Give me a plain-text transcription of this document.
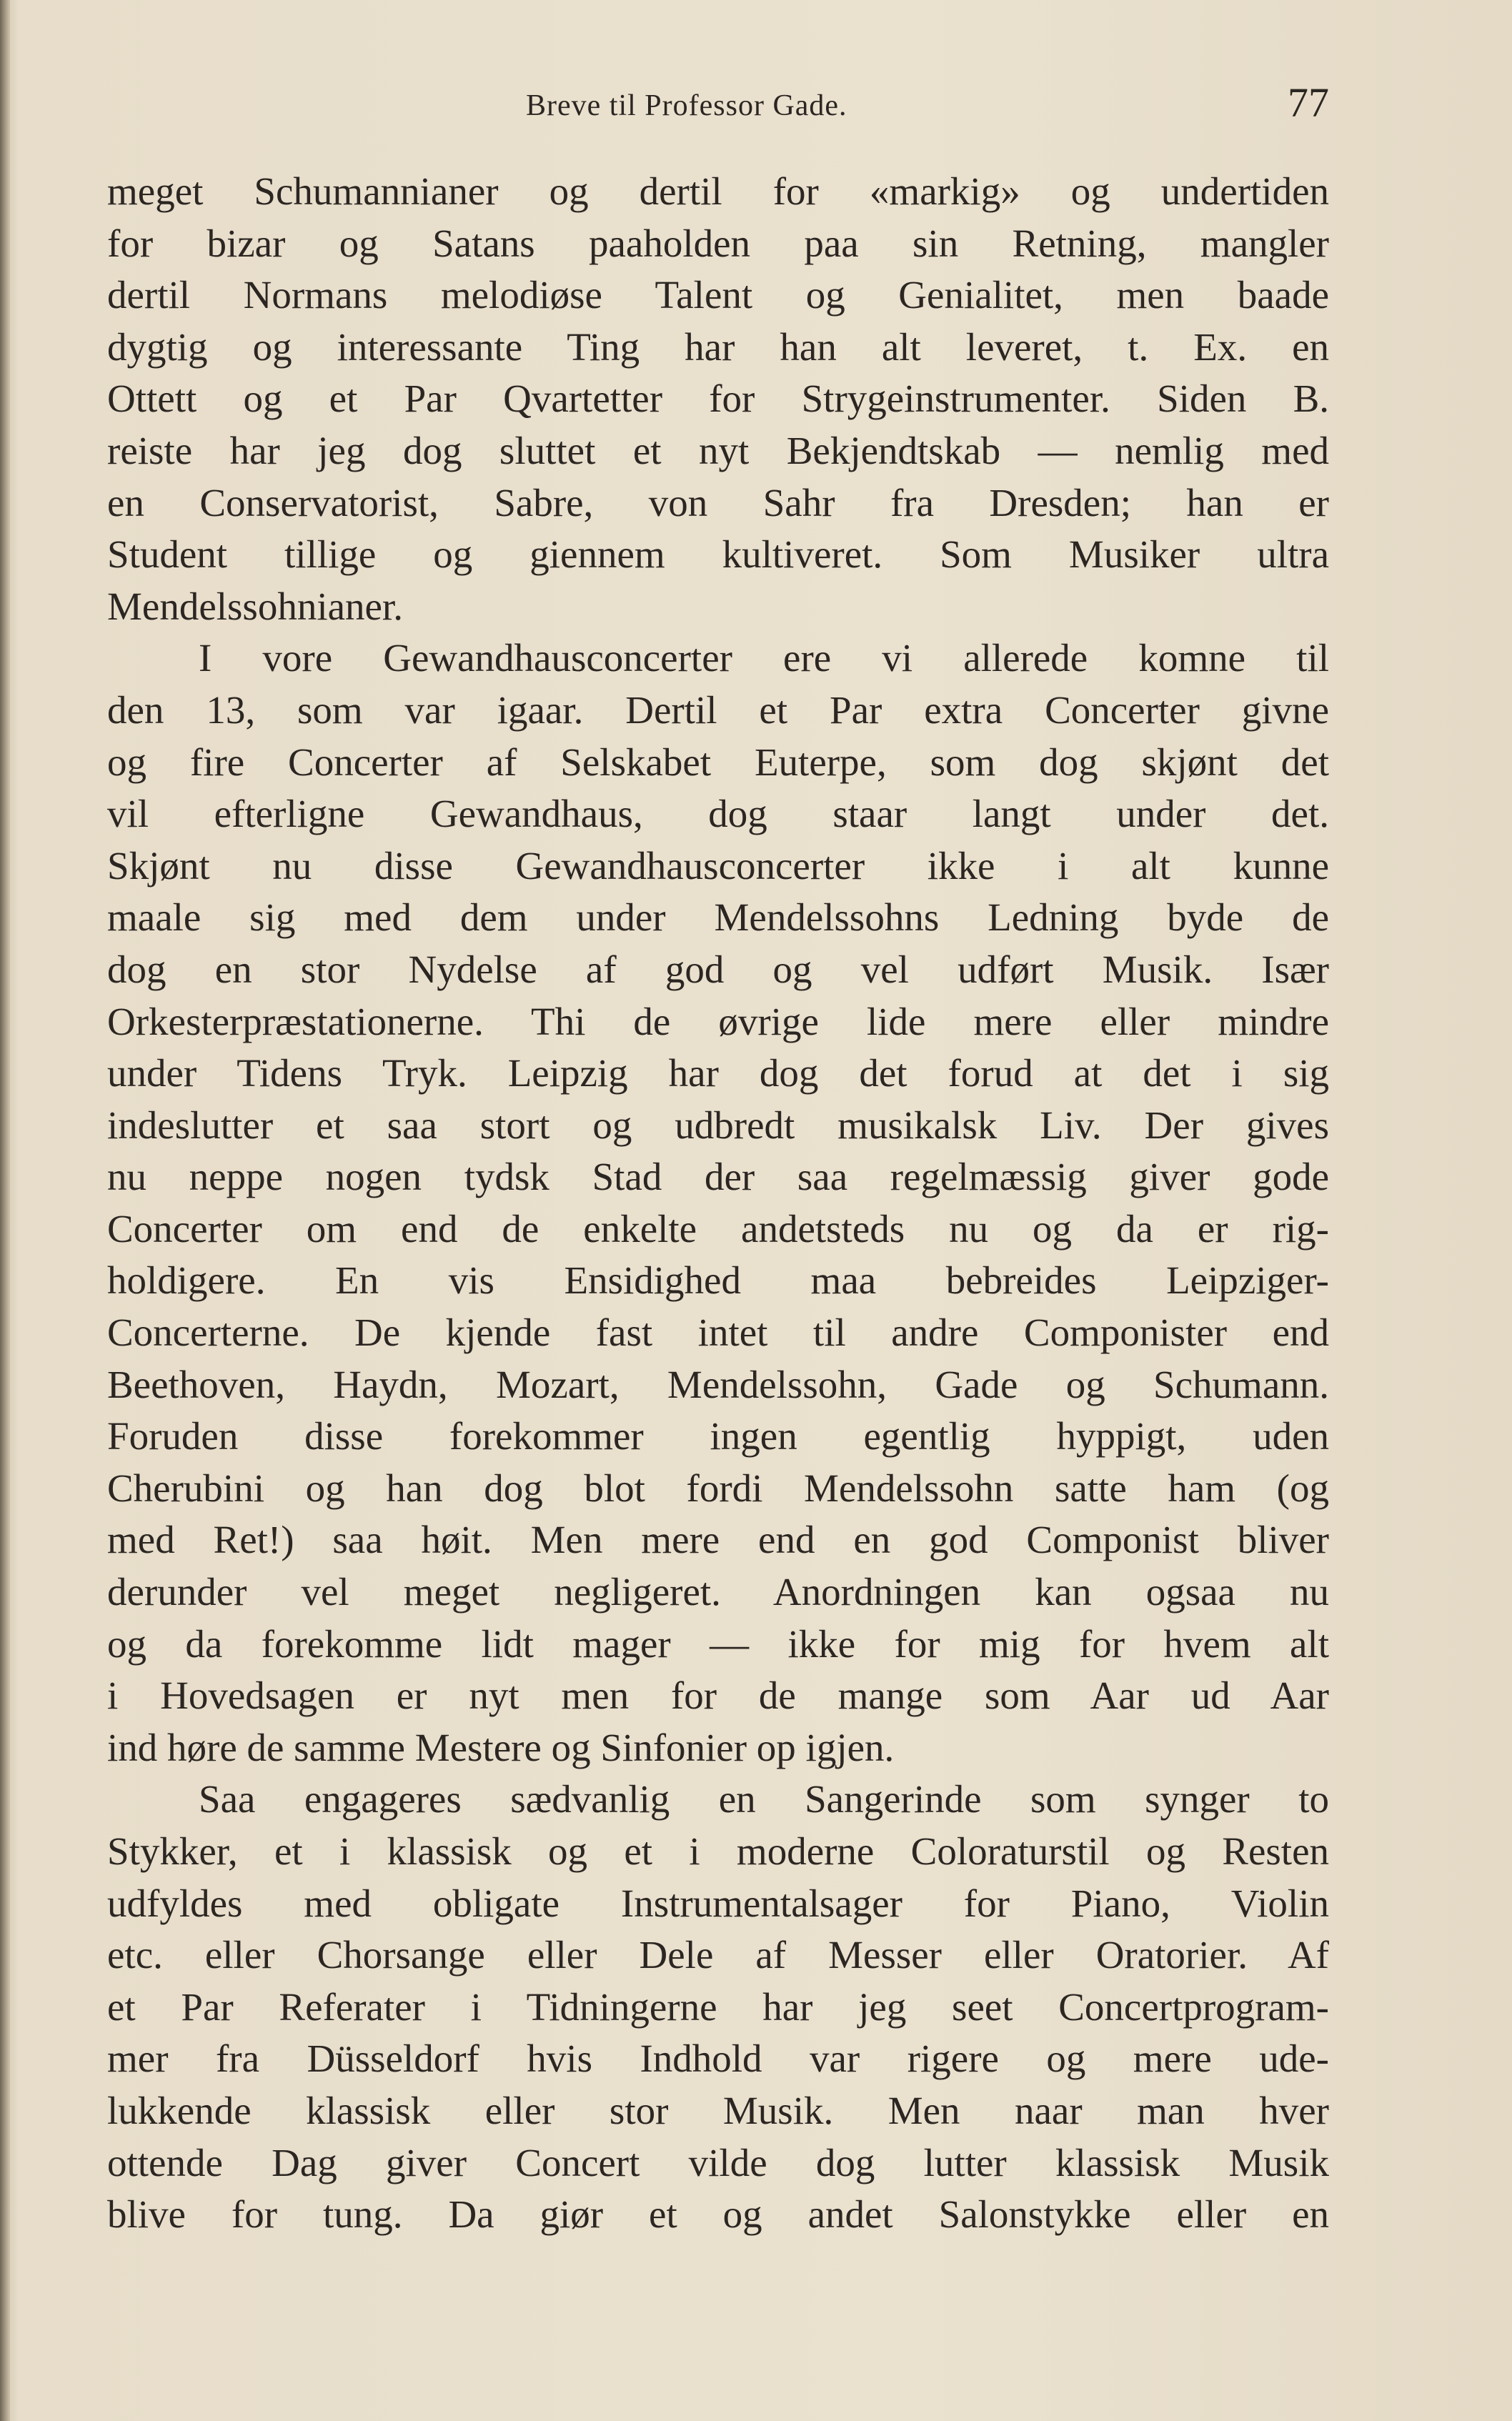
Breve til Professor Gade.	77
meget Schumannianer og dertil for «markig» og undertiden
for bizar og Satans paaholden paa sin Retning, mangler
dertil Normans melodiøse Talent og Genialitet, men baade
dygtig og interessante Ting har han alt leveret, t. Ex. en
Ottett og et Par Qvartetter for Strygeinstrumenter. Siden B.
reiste har jeg dog sluttet et nyt Bekjendtskab — nemlig med
en Conservatorist, Sabre, von Sahr fra Dresden; han er
Student tillige og giennem kultiveret. Som Musiker ultra
Mendelssohnianer.
I vore Gewandhausconcerter ere vi allerede komne til
den 13, som var igaar. Dertil et Par extra Concerter givne
og fire Concerter af Selskabet Euterpe, som dog skjønt det
vil efterligne Gewandhaus, dog staar langt under det.
Skjønt nu disse Gewandhausconcerter ikke i alt kunne
maale sig med dem under Mendelssohns Ledning byde de
dog en stor Nydelse af god og vel udført Musik. Især
Orkesterpræstationerne. Thi de øvrige lide mere eller mindre
under Tidens Tryk. Leipzig har dog det forud at det i sig
indeslutter et saa stort og udbredt musikalsk Liv. Der gives
nu neppe nogen tydsk Stad der saa regelmæssig giver gode
Concerter om end de enkelte andetsteds nu og da er rig-
holdigere. En vis Ensidighed maa bebreides Leipziger-
Concerterne. De kjende fast intet til andre Componister end
Beethoven, Haydn, Mozart, Mendelssohn, Gade og Schumann.
Foruden disse forekommer ingen egentlig hyppigt, uden
Cherubini og han dog blot fordi Mendelssohn satte ham (og
med Ret!) saa høit. Men mere end en god Componist bliver
derunder vel meget negligeret. Anordningen kan ogsaa nu
og da forekomme lidt mager — ikke for mig for hvem alt
i Hovedsagen er nyt men for de mange som Aar ud Aar
ind høre de samme Mestere og Sinfonier op igjen.
Saa engageres sædvanlig en Sangerinde som synger to
Stykker, et i klassisk og et i moderne Coloraturstil og Resten
udfyldes med obligate Instrumentalsager for Piano, Violin
etc. eller Chorsange eller Dele af Messer eller Oratorier. Af
et Par Referater i Tidningerne har jeg seet Concertprogram-
mer fra Düsseldorf hvis Indhold var rigere og mere ude-
lukkende klassisk eller stor Musik. Men naar man hver
ottende Dag giver Concert vilde dog lutter klassisk Musik
blive for tung. Da giør et og andet Salonstykke eller en
